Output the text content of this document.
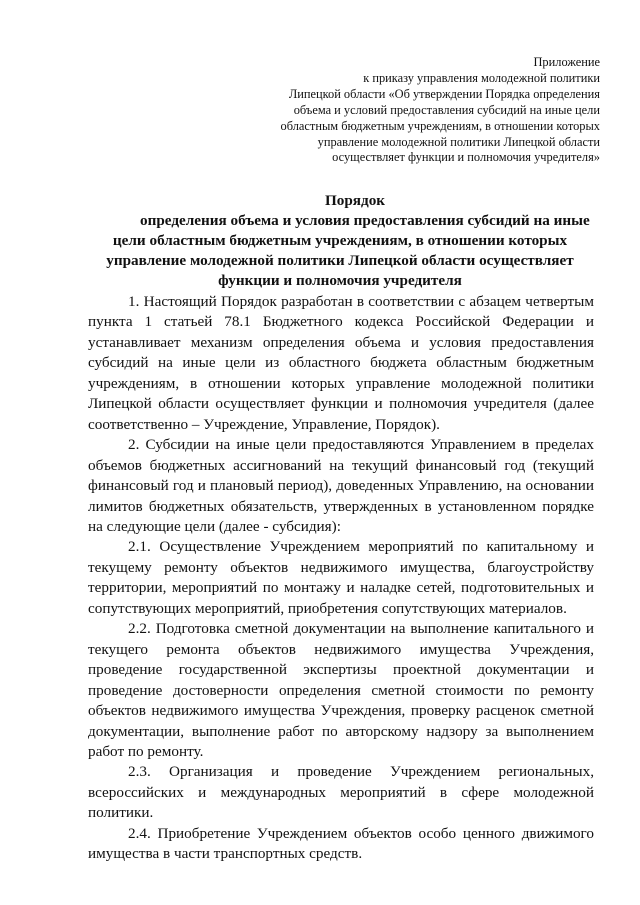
Приложение
к приказу управления молодежной политики
Липецкой области «Об утверждении Порядка определения
объема и условий предоставления субсидий на иные цели
областным бюджетным учреждениям, в отношении которых
управление молодежной политики Липецкой области
осуществляет функции и полномочия учредителя»
Порядок
определения объема и условия предоставления субсидий на иные
цели областным бюджетным учреждениям, в отношении которых
управление молодежной политики Липецкой области осуществляет
функции и полномочия учредителя

1. Настоящий Порядок разработан в соответствии с абзацем четвертым пункта 1 статьей 78.1 Бюджетного кодекса Российской Федерации и устанавливает механизм определения объема и условия предоставления субсидий на иные цели из областного бюджета областным бюджетным учреждениям, в отношении которых управление молодежной политики Липецкой области осуществляет функции и полномочия учредителя (далее соответственно – Учреждение, Управление, Порядок).

2. Субсидии на иные цели предоставляются Управлением в пределах объемов бюджетных ассигнований на текущий финансовый год (текущий финансовый год и плановый период), доведенных Управлению, на основании лимитов бюджетных обязательств, утвержденных в установленном порядке на следующие цели (далее - субсидия):

2.1. Осуществление Учреждением мероприятий по капитальному и текущему ремонту объектов недвижимого имущества, благоустройству территории, мероприятий по монтажу и наладке сетей, подготовительных и сопутствующих мероприятий, приобретения сопутствующих материалов.

2.2. Подготовка сметной документации на выполнение капитального и текущего ремонта объектов недвижимого имущества Учреждения, проведение государственной экспертизы проектной документации и проведение достоверности определения сметной стоимости по ремонту объектов недвижимого имущества Учреждения, проверку расценок сметной документации, выполнение работ по авторскому надзору за выполнением работ по ремонту.

2.3. Организация и проведение Учреждением региональных, всероссийских и международных мероприятий в сфере молодежной политики.

2.4. Приобретение Учреждением объектов особо ценного движимого имущества в части транспортных средств.
